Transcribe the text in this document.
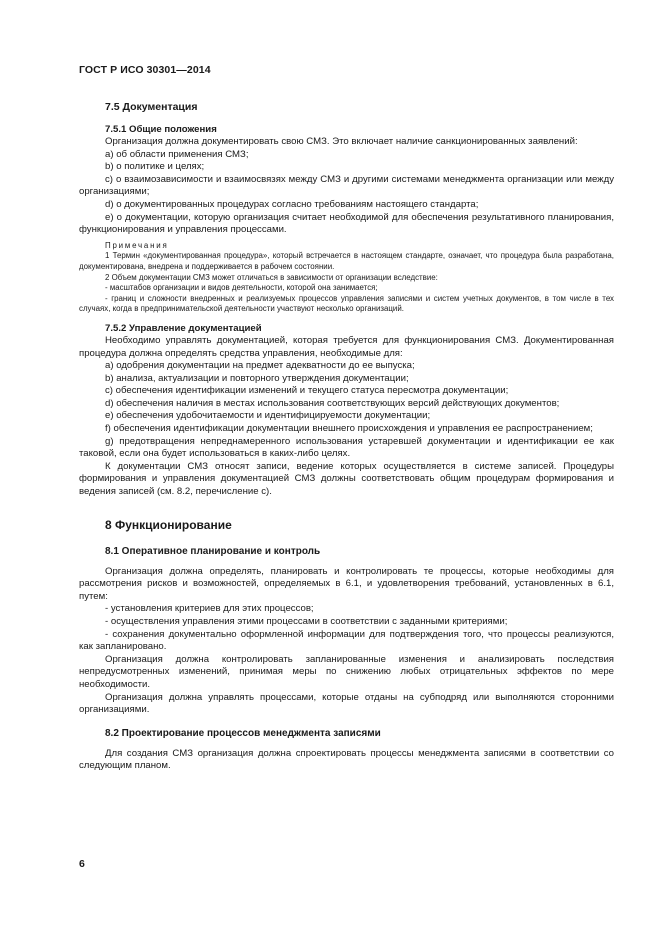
ГОСТ Р ИСО 30301—2014
7.5 Документация
7.5.1 Общие положения

Организация должна документировать свою СМЗ. Это включает наличие санкционированных заявлений:

a) об области применения СМЗ;

b) о политике и целях;

c) о взаимозависимости и взаимосвязях между СМЗ и другими системами менеджмента организации или между организациями;

d) о документированных процедурах согласно требованиям настоящего стандарта;

e) о документации, которую организация считает необходимой для обеспечения результативного планирования, функционирования и управления процессами.

Примечания

1 Термин «документированная процедура», который встречается в настоящем стандарте, означает, что процедура была разработана, документирована, внедрена и поддерживается в рабочем состоянии.

2 Объем документации СМЗ может отличаться в зависимости от организации вследствие:

- масштабов организации и видов деятельности, которой она занимается;

- границ и сложности внедренных и реализуемых процессов управления записями и систем учетных документов, в том числе в тех случаях, когда в предпринимательской деятельности участвуют несколько организаций.

7.5.2 Управление документацией

Необходимо управлять документацией, которая требуется для функционирования СМЗ. Документированная процедура должна определять средства управления, необходимые для:

a) одобрения документации на предмет адекватности до ее выпуска;

b) анализа, актуализации и повторного утверждения документации;

c) обеспечения идентификации изменений и текущего статуса пересмотра документации;

d) обеспечения наличия в местах использования соответствующих версий действующих документов;

e) обеспечения удобочитаемости и идентифицируемости документации;

f) обеспечения идентификации документации внешнего происхождения и управления ее распространением;

g) предотвращения непреднамеренного использования устаревшей документации и идентификации ее как таковой, если она будет использоваться в каких-либо целях.

К документации СМЗ относят записи, ведение которых осуществляется в системе записей. Процедуры формирования и управления документацией СМЗ должны соответствовать общим процедурам формирования и ведения записей (см. 8.2, перечисление с).

8 Функционирование
8.1 Оперативное планирование и контроль

Организация должна определять, планировать и контролировать те процессы, которые необходимы для рассмотрения рисков и возможностей, определяемых в 6.1, и удовлетворения требований, установленных в 6.1, путем:

- установления критериев для этих процессов;

- осуществления управления этими процессами в соответствии с заданными критериями;

- сохранения документально оформленной информации для подтверждения того, что процессы реализуются, как запланировано.

Организация должна контролировать запланированные изменения и анализировать последствия непредусмотренных изменений, принимая меры по снижению любых отрицательных эффектов по мере необходимости.

Организация должна управлять процессами, которые отданы на субподряд или выполняются сторонними организациями.

8.2 Проектирование процессов менеджмента записями

Для создания СМЗ организация должна спроектировать процессы менеджмента записями в соответствии со следующим планом.

6
